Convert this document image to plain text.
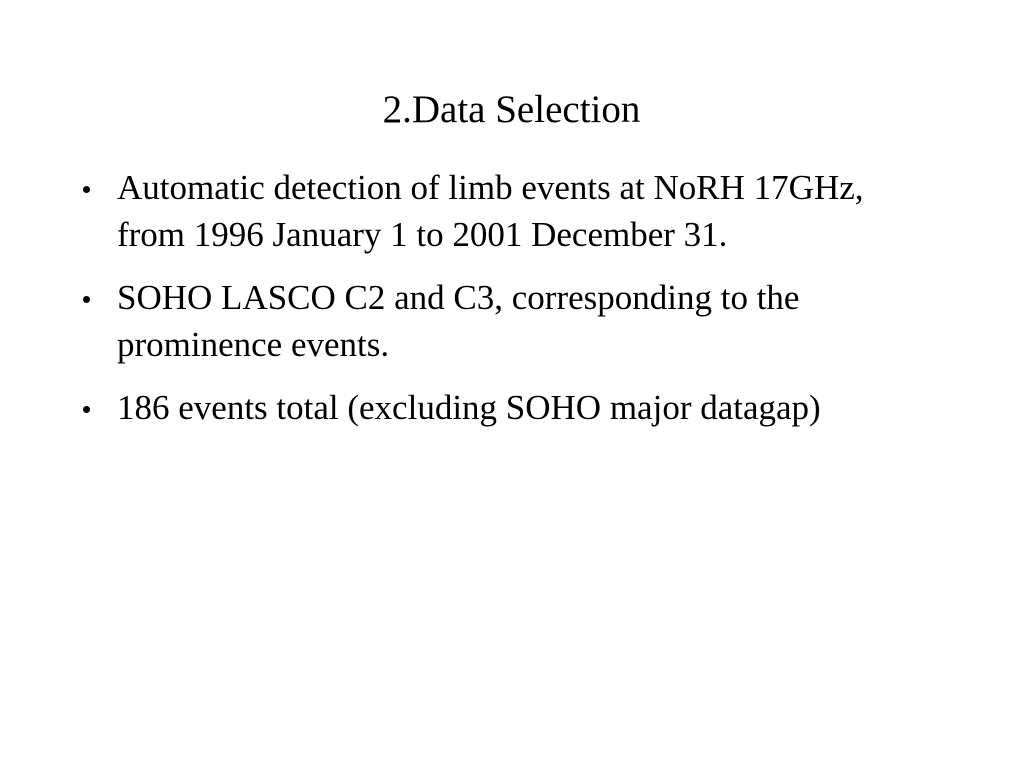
2.Data Selection
Automatic detection of limb events at NoRH 17GHz, from 1996 January 1 to 2001 December 31.
SOHO LASCO C2 and C3, corresponding to the prominence events.
186 events total (excluding SOHO major datagap)
